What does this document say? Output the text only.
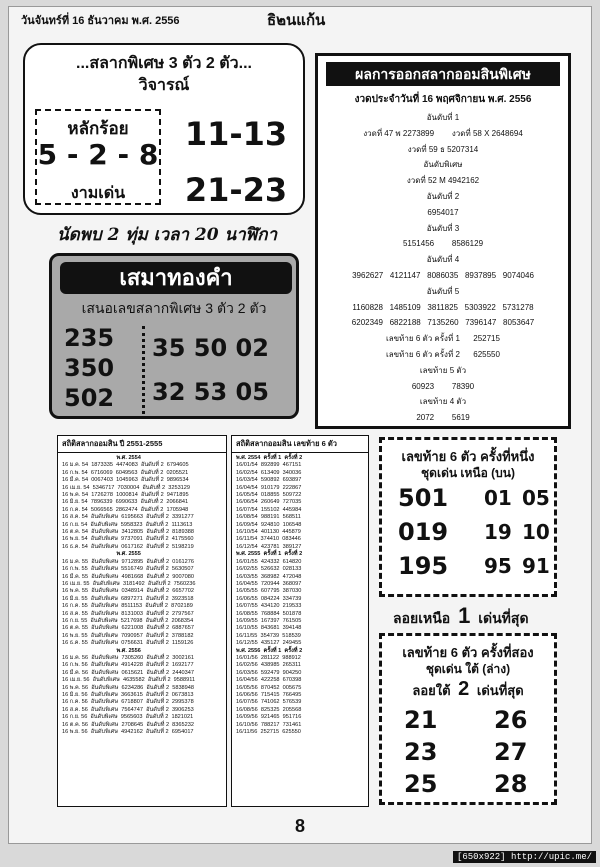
วันจันทร์ที่ 16 ธันวาคม พ.ศ. 2556	ธิ๒นแก้น
...สลากพิเศษ 3 ตัว 2 ตัว...
วิจารณ์
หลักร้อย
5 - 2 - 8
งามเด่น
11-13
21-23
นัดพบ 2 ทุ่ม เวลา 20 นาฬิกา
เสมาทองคำ
เสนอเลขสลากพิเศษ 3 ตัว 2 ตัว
235
350
502
35 50 02
32 53 05
ผลการออกสลากออมสินพิเศษ
งวดประจำวันที่ 16 พฤศจิกายน พ.ศ. 2556
อันดับที่ 1
งวดที่ 47 พ 2273899        งวดที่ 58 X 2648694
งวดที่ 59 ธ 5207314
อันดับพิเศษ
งวดที่ 52 M 4942162
อันดับที่ 2
6954017
อันดับที่ 3
5151456        8586129
อันดับที่ 4
3962627   4121147   8086035   8937895   9074046
อันดับที่ 5
1160828   1485109   3811825   5303922   5731278
6202349   6822188   7135260   7396147   8053647
เลขท้าย 6 ตัว ครั้งที่ 1      252715
เลขท้าย 6 ตัว ครั้งที่ 2      625550
เลขท้าย 5 ตัว
60923        78390
เลขท้าย 4 ตัว
2072        5619
สถิติสลากออมสิน ปี 2551-2555
พ.ศ. 2554
16 ม.ค. 54  1873335  4474083  อันดับที่ 2  6794605
16 ก.พ. 54  6716069  6049563  อันดับที่ 2  0205521
16 มี.ค. 54  0067403  1045963  อันดับที่ 2  9896534
16 เม.ย. 54  5346717  7030004  อันดับที่ 2  3253129
16 พ.ค. 54  1726278  1000814  อันดับที่ 2  9471895
16 มิ.ย. 54  7896339  6990633  อันดับที่ 2  2066841
16 ก.ค. 54  5066565  2862474  อันดับที่ 2  1705948
16 ส.ค. 54  อันดับพิเศษ  6195663  อันดับที่ 2  3391277
16 ก.ย. 54  อันดับพิเศษ  5958323  อันดับที่ 2  1113613
16 ต.ค. 54  อันดับพิเศษ  3412805  อันดับที่ 2  8189388
16 พ.ย. 54  อันดับพิเศษ  9737091  อันดับที่ 2  4175560
16 ธ.ค. 54  อันดับพิเศษ  0617162  อันดับที่ 2  5198219
พ.ศ. 2555
16 ม.ค. 55  อันดับพิเศษ  9712895  อันดับที่ 2  0161276
16 ก.พ. 55  อันดับพิเศษ  5516749  อันดับที่ 2  5630507
16 มี.ค. 55  อันดับพิเศษ  4981668  อันดับที่ 2  9007080
16 เม.ย. 55  อันดับพิเศษ  3181492  อันดับที่ 2  7560236
16 พ.ค. 55  อันดับพิเศษ  0348914  อันดับที่ 2  6657702
16 มิ.ย. 55  อันดับพิเศษ  6897271  อันดับที่ 2  3923518
16 ก.ค. 55  อันดับพิเศษ  8511153  อันดับที่ 2  8702189
16 ส.ค. 55  อันดับพิเศษ  8131003  อันดับที่ 2  2797567
16 ก.ย. 55  อันดับพิเศษ  5217698  อันดับที่ 2  2068354
16 ต.ค. 55  อันดับพิเศษ  6221008  อันดับที่ 2  6887657
16 พ.ย. 55  อันดับพิเศษ  7090957  อันดับที่ 2  3788182
16 ธ.ค. 55  อันดับพิเศษ  0756631  อันดับที่ 2  1159126
พ.ศ. 2556
16 ม.ค. 56  อันดับพิเศษ  7305260  อันดับที่ 2  3002161
16 ก.พ. 56  อันดับพิเศษ  4914228  อันดับที่ 2  1692177
16 มี.ค. 56  อันดับพิเศษ  0615621  อันดับที่ 2  2440347
16 เม.ย. 56  อันดับพิเศษ  4635582  อันดับที่ 2  9588911
16 พ.ค. 56  อันดับพิเศษ  6234286  อันดับที่ 2  5838948
16 มิ.ย. 56  อันดับพิเศษ  3663615  อันดับที่ 2  0673813
16 ก.ค. 56  อันดับพิเศษ  6718807  อันดับที่ 2  2995378
16 ส.ค. 56  อันดับพิเศษ  7564747  อันดับที่ 2  3906253
16 ก.ย. 56  อันดับพิเศษ  9565603  อันดับที่ 2  1821021
16 ต.ค. 56  อันดับพิเศษ  2708645  อันดับที่ 2  8365232
16 พ.ย. 56  อันดับพิเศษ  4942162  อันดับที่ 2  6954017
สถิติสลากออมสิน เลขท้าย 6 ตัว
พ.ศ. 2554  ครั้งที่ 1  ครั้งที่ 2
16/01/54  892899  467151
16/02/54  613409  340036
16/03/54  590892  693897
16/04/54  910179  222867
16/05/54  018855  509722
16/06/54  260649  727035
16/07/54  155102  445984
16/08/54  988191  568511
16/09/54  924810  106548
16/10/54  401130  445879
16/11/54  374410  083446
16/12/54  423781  389127
พ.ศ. 2555  ครั้งที่ 1  ครั้งที่ 2
16/01/55  424332  614820
16/02/55  526632  028133
16/03/55  368982  472048
16/04/55  720944  368097
16/05/55  607795  387030
16/06/55  084224  334739
16/07/55  434120  219533
16/08/55  768884  501878
16/09/55  167397  761505
16/10/55  843681  394148
16/11/55  354739  518539
16/12/55  435127  249455
พ.ศ. 2556  ครั้งที่ 1  ครั้งที่ 2
16/01/56  281122  988912
16/02/56  438985  265311
16/03/56  592479  904250
16/04/56  422258  670398
16/05/56  870452  005675
16/06/56  715415  766495
16/07/56  741062  576539
16/08/56  825325  205568
16/09/56  921465  951716
16/10/56  788217  731461
16/11/56  252715  625550
เลขท้าย 6 ตัว ครั้งที่หนึ่ง
ชุดเด่น เหนือ (บน)
501 01 05
019 19 10
195 95 91
ลอยเหนือ 1 เด่นที่สุด
เลขท้าย 6 ตัว ครั้งที่สอง
ชุดเด่น ใต้ (ล่าง)
ลอยใต้ 2 เด่นที่สุด
21 26
23 27
25 28
8
[650x922] http://upic.me/
